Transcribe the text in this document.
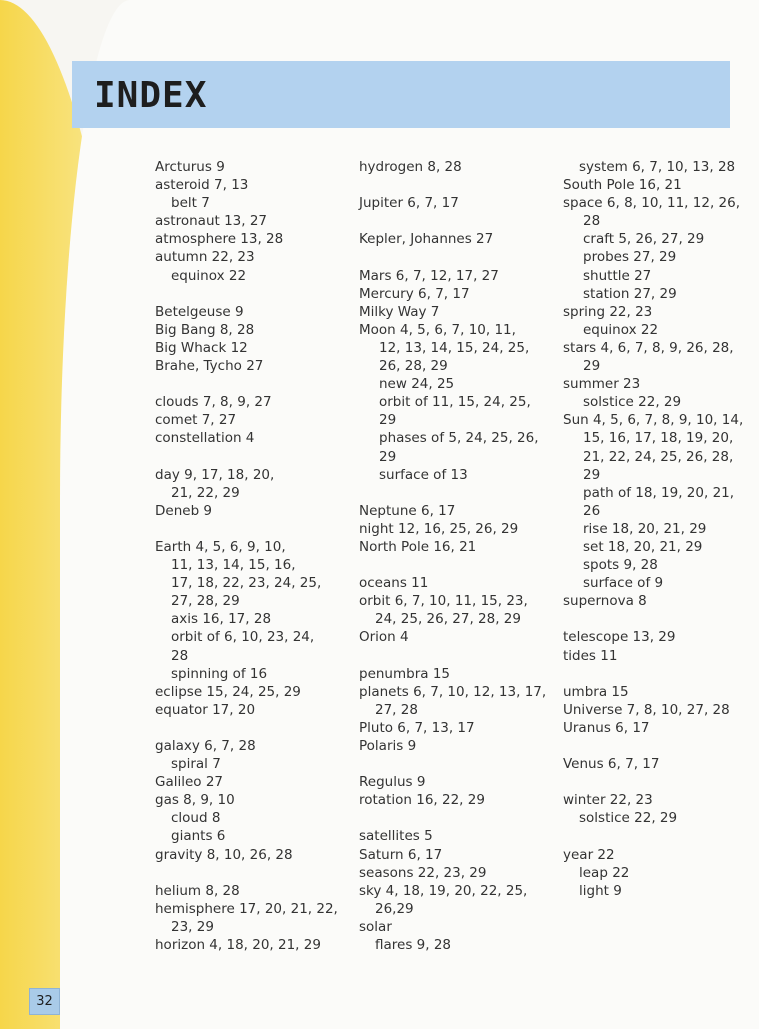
INDEX
Arcturus 9
asteroid 7, 13
belt 7
astronaut 13, 27
atmosphere 13, 28
autumn 22, 23
equinox 22
Betelgeuse 9
Big Bang 8, 28
Big Whack 12
Brahe, Tycho 27
clouds 7, 8, 9, 27
comet 7, 27
constellation 4
day 9, 17, 18, 20,
21, 22, 29
Deneb 9
Earth 4, 5, 6, 9, 10,
11, 13, 14, 15, 16,
17, 18, 22, 23, 24, 25,
27, 28, 29
axis 16, 17, 28
orbit of 6, 10, 23, 24,
28
spinning of 16
eclipse 15, 24, 25, 29
equator 17, 20
galaxy 6, 7, 28
spiral 7
Galileo 27
gas 8, 9, 10
cloud 8
giants 6
gravity 8, 10, 26, 28
helium 8, 28
hemisphere 17, 20, 21, 22,
23, 29
horizon 4, 18, 20, 21, 29
hydrogen 8, 28
Jupiter 6, 7, 17
Kepler, Johannes 27
Mars 6, 7, 12, 17, 27
Mercury 6, 7, 17
Milky Way 7
Moon 4, 5, 6, 7, 10, 11,
12, 13, 14, 15, 24, 25,
26, 28, 29
new 24, 25
orbit of 11, 15, 24, 25,
29
phases of 5, 24, 25, 26,
29
surface of 13
Neptune 6, 17
night 12, 16, 25, 26, 29
North Pole 16, 21
oceans 11
orbit 6, 7, 10, 11, 15, 23,
24, 25, 26, 27, 28, 29
Orion 4
penumbra 15
planets 6, 7, 10, 12, 13, 17,
27, 28
Pluto 6, 7, 13, 17
Polaris 9
Regulus 9
rotation 16, 22, 29
satellites 5
Saturn 6, 17
seasons 22, 23, 29
sky 4, 18, 19, 20, 22, 25,
26,29
solar
flares 9, 28
system 6, 7, 10, 13, 28
South Pole 16, 21
space 6, 8, 10, 11, 12, 26,
28
craft 5, 26, 27, 29
probes 27, 29
shuttle 27
station 27, 29
spring 22, 23
equinox 22
stars 4, 6, 7, 8, 9, 26, 28,
29
summer 23
solstice 22, 29
Sun 4, 5, 6, 7, 8, 9, 10, 14,
15, 16, 17, 18, 19, 20,
21, 22, 24, 25, 26, 28,
29
path of 18, 19, 20, 21,
26
rise 18, 20, 21, 29
set 18, 20, 21, 29
spots 9, 28
surface of 9
supernova 8
telescope 13, 29
tides 11
umbra 15
Universe 7, 8, 10, 27, 28
Uranus 6, 17
Venus 6, 7, 17
winter 22, 23
solstice 22, 29
year 22
leap 22
light 9
32
